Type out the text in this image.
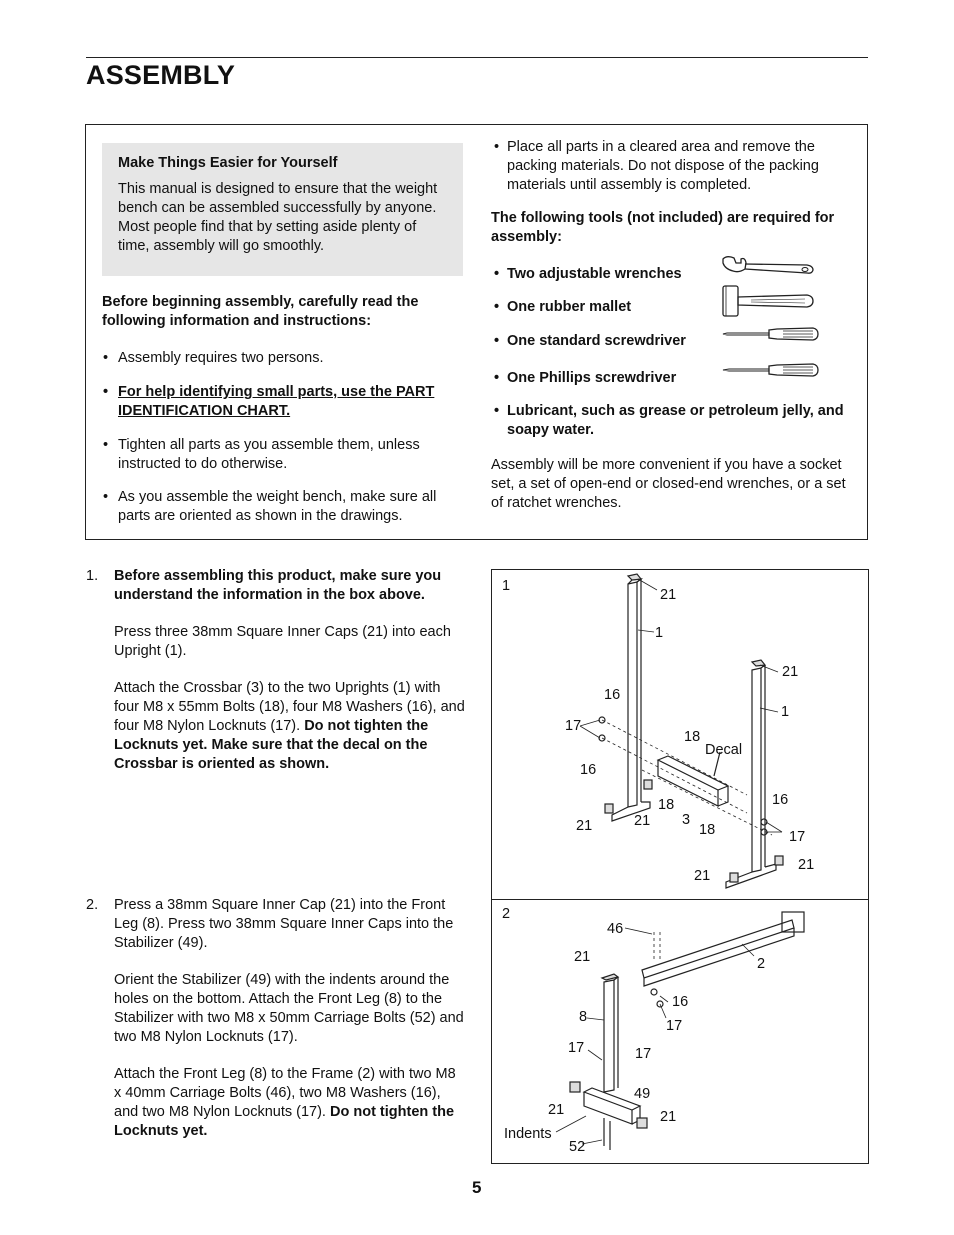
ASSEMBLY

Make Things Easier for Yourself

This manual is designed to ensure that the weight bench can be assembled successfully by anyone. Most people find that by setting aside plenty of time, assembly will go smoothly.

Before beginning assembly, carefully read the following information and instructions:
• Assembly requires two persons.
• For help identifying small parts, use the PART IDENTIFICATION CHART.
• Tighten all parts as you assemble them, unless instructed to do otherwise.
• As you assemble the weight bench, make sure all parts are oriented as shown in the drawings.
• Place all parts in a cleared area and remove the packing materials. Do not dispose of the packing materials until assembly is completed.
The following tools (not included) are required for assembly:
• Two adjustable wrenches
• One rubber mallet
• One standard screwdriver
• One Phillips screwdriver
• Lubricant, such as grease or petroleum jelly, and soapy water.
Assembly will be more convenient if you have a socket set, a set of open-end or closed-end wrenches, or a set of ratchet wrenches.
1. Before assembling this product, make sure you understand the information in the box above.

Press three 38mm Square Inner Caps (21) into each Upright (1).

Attach the Crossbar (3) to the two Uprights (1) with four M8 x 55mm Bolts (18), four M8 Washers (16), and four M8 Nylon Locknuts (17). Do not tighten the Locknuts yet. Make sure that the decal on the Crossbar is oriented as shown.

2. Press a 38mm Square Inner Cap (21) into the Front Leg (8). Press two 38mm Square Inner Caps into the Stabilizer (49).

Orient the Stabilizer (49) with the indents around the holes on the bottom. Attach the Front Leg (8) to the Stabilizer with two M8 x 50mm Carriage Bolts (52) and two M8 Nylon Locknuts (17).

Attach the Front Leg (8) to the Frame (2) with two M8 x 40mm Carriage Bolts (46), two M8 Washers (16), and two M8 Nylon Locknuts (17). Do not tighten the Locknuts yet.

21
1
21
1
16
17
18
Decal
16
16
18
3
18
21	21
17
21
21
1
46
21	2
16
8
17	17
17
49
21
21
Indents
52
2
5
